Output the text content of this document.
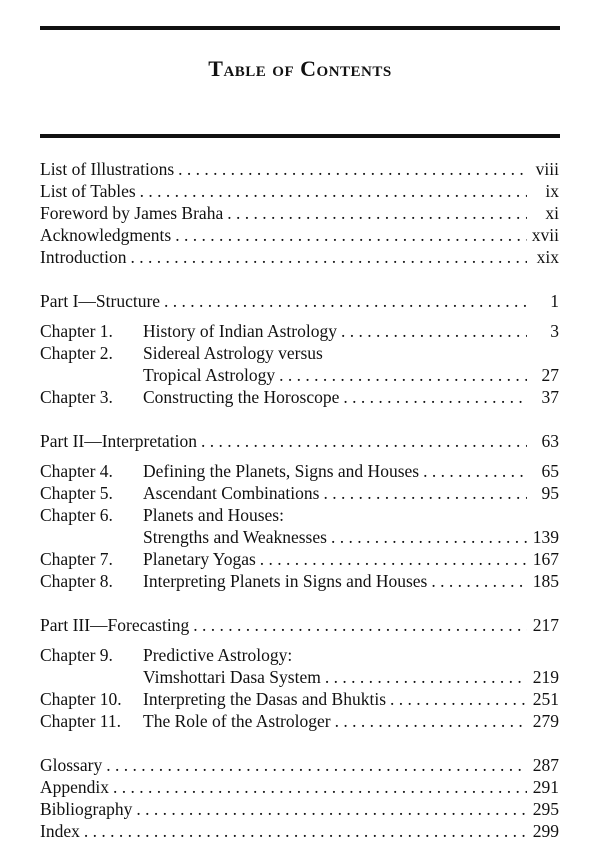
Table of Contents
List of Illustrations . . .	viii
List of Tables . . .	ix
Foreword by James Braha . . .	xi
Acknowledgments . . .	xvii
Introduction . . .	xix
Part I—Structure . . .	1
Chapter 1.	History of Indian Astrology . . .	3
Chapter 2.	Sidereal Astrology versus
Tropical Astrology . . .	27
Chapter 3.	Constructing the Horoscope . . .	37
Part II—Interpretation . . .	63
Chapter 4.	Defining the Planets, Signs and Houses . . .	65
Chapter 5.	Ascendant Combinations . . .	95
Chapter 6.	Planets and Houses:
Strengths and Weaknesses . . .	139
Chapter 7.	Planetary Yogas . . .	167
Chapter 8.	Interpreting Planets in Signs and Houses . . .	185
Part III—Forecasting . . .	217
Chapter 9.	Predictive Astrology:
Vimshottari Dasa System . . .	219
Chapter 10.	Interpreting the Dasas and Bhuktis . . .	251
Chapter 11.	The Role of the Astrologer . . .	279
Glossary . . .	287
Appendix . . .	291
Bibliography . . .	295
Index . . .	299
